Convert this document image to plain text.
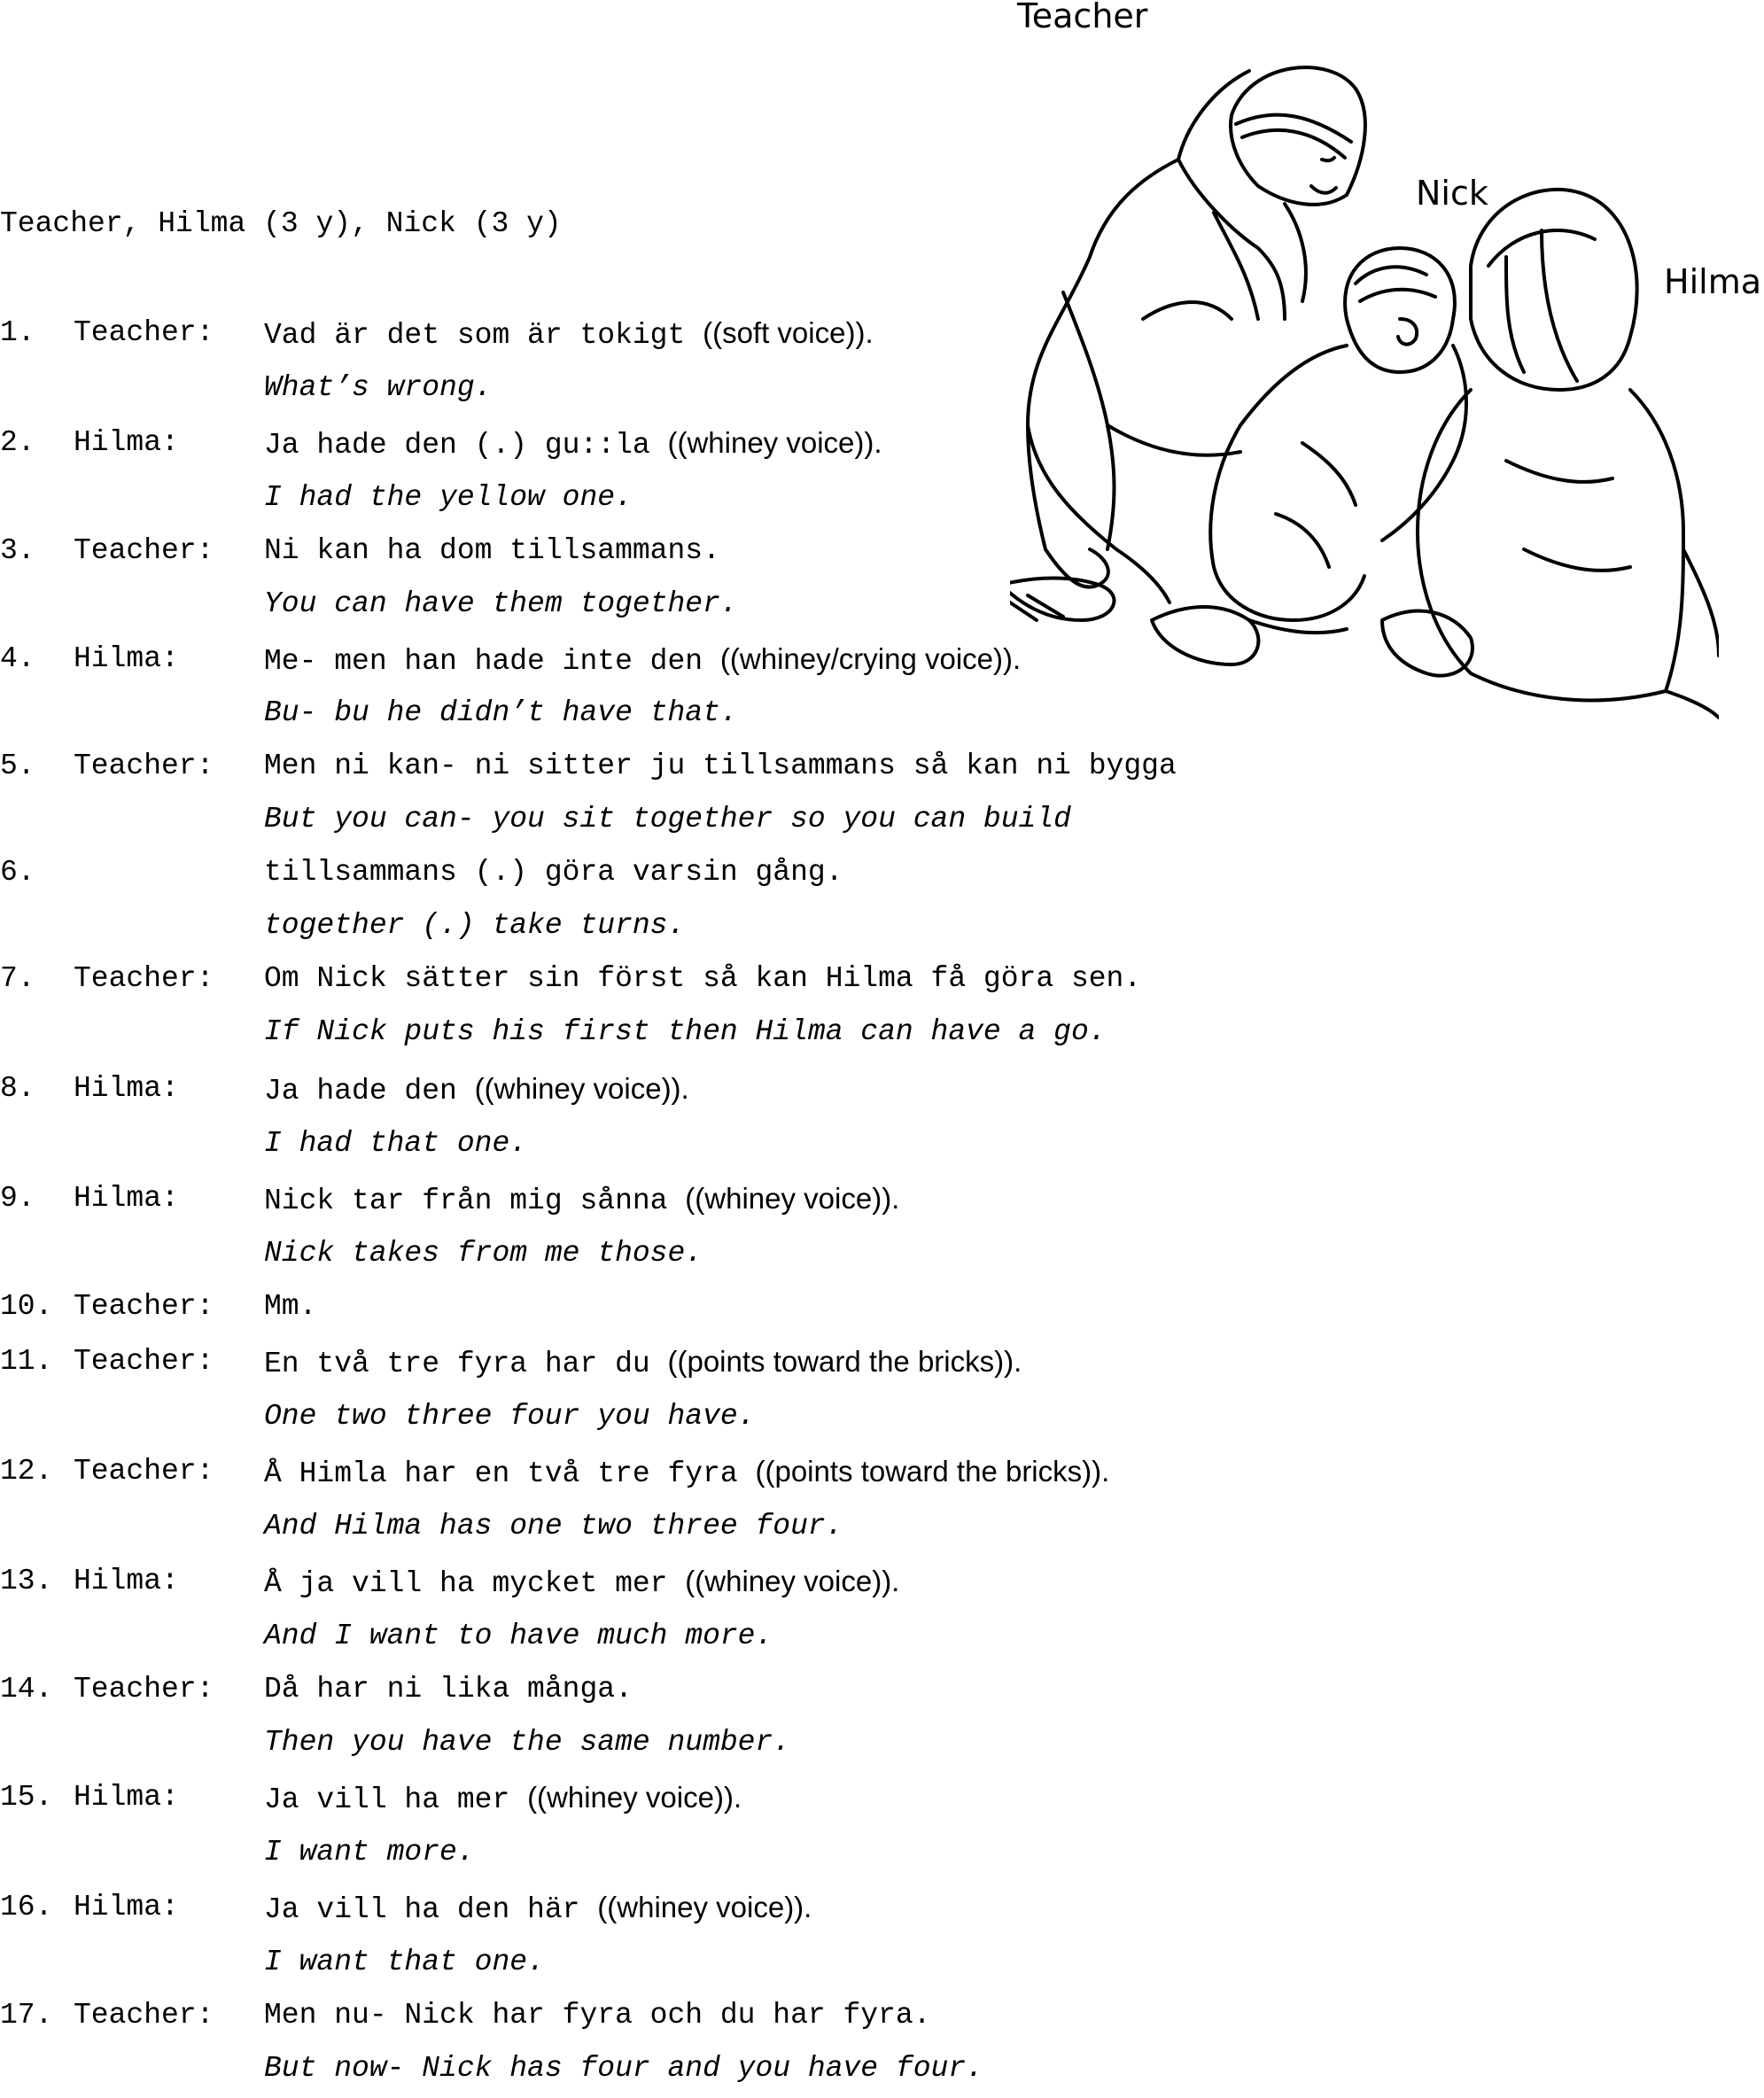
Teacher
Nick
Hilma
Teacher, Hilma (3 y), Nick (3 y)
1. Teacher: Vad är det som är tokigt ((soft voice)).
What’s wrong.
2. Hilma:	Ja hade den (.) gu::la ((whiney voice)).
I had the yellow one.
3. Teacher: Ni kan ha dom tillsammans.
You can have them together.
4. Hilma:	Me- men han hade inte den ((whiney/crying voice)).
Bu- bu he didn’t have that.
5. Teacher: Men ni kan- ni sitter ju tillsammans så kan ni bygga
But you can- you sit together so you can build
6.	tillsammans (.) göra varsin gång.
together (.) take turns.
7. Teacher: Om Nick sätter sin först så kan Hilma få göra sen.
If Nick puts his first then Hilma can have a go.
8. Hilma:	Ja hade den ((whiney voice)).
I had that one.
9. Hilma:	Nick tar från mig sånna ((whiney voice)).
Nick takes from me those.
10. Teacher: Mm.
11. Teacher: En två tre fyra har du ((points toward the bricks)).
One two three four you have.
12. Teacher: Å Himla har en två tre fyra ((points toward the bricks)).
And Hilma has one two three four.
13. Hilma:	Å ja vill ha mycket mer ((whiney voice)).
And I want to have much more.
14. Teacher: Då har ni lika många.
Then you have the same number.
15. Hilma:	Ja vill ha mer ((whiney voice)).
I want more.
16. Hilma:	Ja vill ha den här ((whiney voice)).
I want that one.
17. Teacher: Men nu- Nick har fyra och du har fyra.
But now- Nick has four and you have four.
